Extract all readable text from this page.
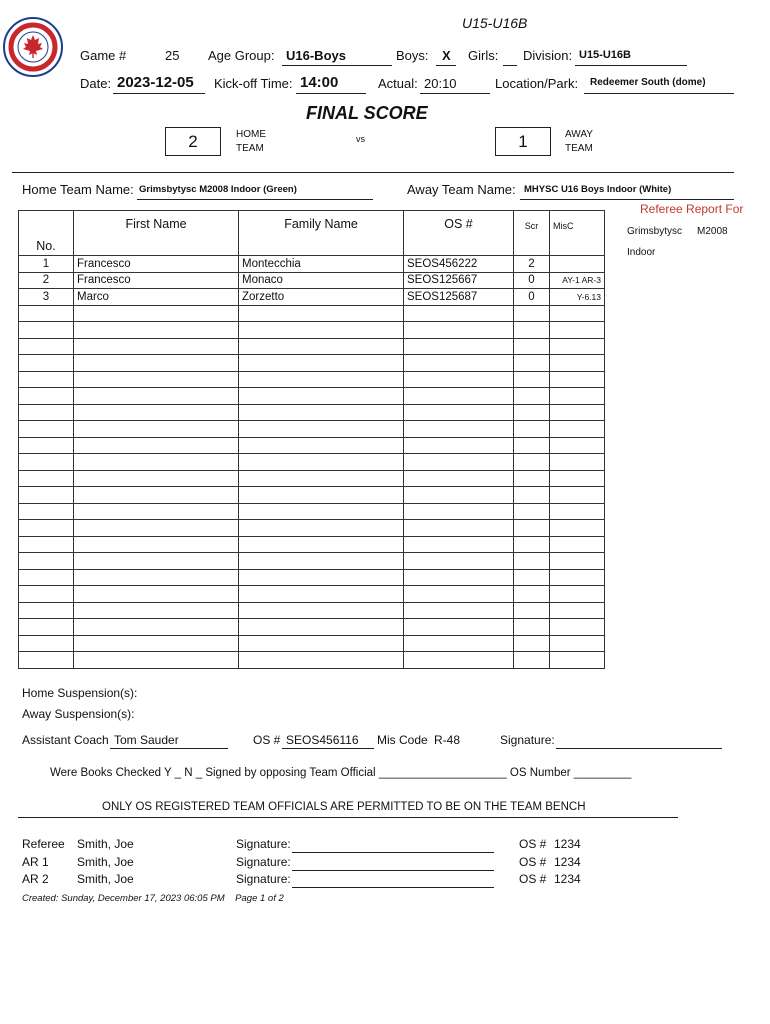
U15-U16B
Game #	25 Age Group: U16-Boys	Boys: X Girls: Division: U15-U16B
Date: 2023-12-05 Kick-off Time: 14:00	Actual: 20:10	Location/Park: Redeemer South (dome)
FINAL SCORE
2	HOME
TEAM
vs	1	AWAY
TEAM
Home Team Name: Grimsbytysc M2008 Indoor (Green)	Away Team Name: MHYSC U16 Boys Indoor (White)
Referee Report For
Grimsbytysc M2008
Indoor
No.	First Name	Family Name	OS #	Scr	MisC
1	Francesco	Montecchia	SEOS456222	2	
2	Francesco	Monaco	SEOS125667	0	AY-1 AR-3
3	Marco	Zorzetto	SEOS125687	0	Y-6.13

Home Suspension(s):
Away Suspension(s):
Assistant Coach Tom Sauder	OS # SEOS456116 Mis Code R-48	Signature:
Were Books Checked Y _ N _ Signed by opposing Team Official ____________________ OS Number _________
ONLY OS REGISTERED TEAM OFFICIALS ARE PERMITTED TO BE ON THE TEAM BENCH
Referee Smith, Joe	Signature:	OS # 1234
AR 1 Smith, Joe	Signature:	OS # 1234
AR 2 Smith, Joe	Signature:	OS # 1234
Created: Sunday, December 17, 2023 06:05 PM    Page 1 of 2
